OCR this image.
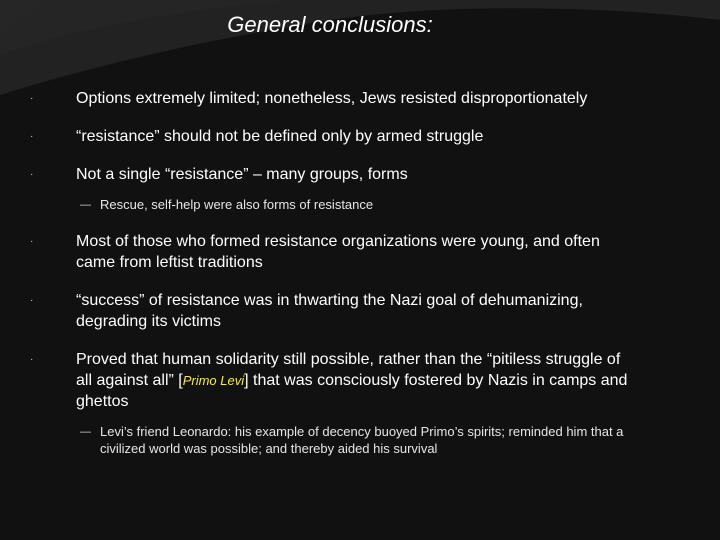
General conclusions:
·	Options extremely limited; nonetheless, Jews resisted disproportionately
·	“resistance” should not be defined only by armed struggle
·	Not a single “resistance” – many groups, forms
— Rescue, self-help were also forms of resistance
·	Most of those who formed resistance organizations were young, and often came from leftist traditions
·	“success” of resistance was in thwarting the Nazi goal of dehumanizing, degrading its victims
·	Proved that human solidarity still possible, rather than the “pitiless struggle of all against all” [Primo Levi] that was consciously fostered by Nazis in camps and ghettos
— Levi’s friend Leonardo: his example of decency buoyed Primo’s spirits; reminded him that a civilized world was possible; and thereby aided his survival
